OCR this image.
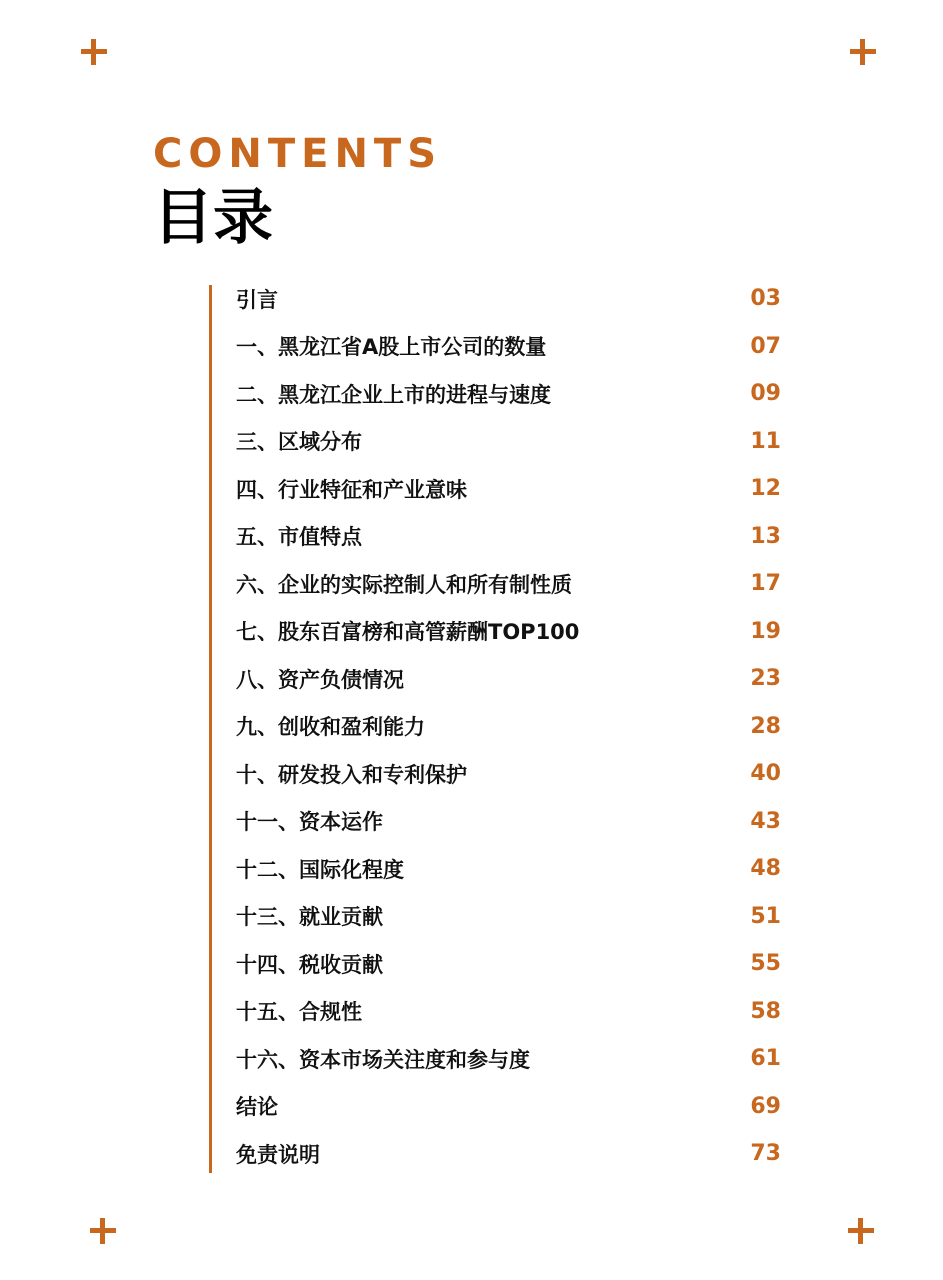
CONTENTS
目录
引言	03
一、黑龙江省A股上市公司的数量	07
二、黑龙江企业上市的进程与速度	09
三、区域分布	11
四、行业特征和产业意味	12
五、市值特点	13
六、企业的实际控制人和所有制性质	17
七、股东百富榜和高管薪酬TOP100	19
八、资产负债情况	23
九、创收和盈利能力	28
十、研发投入和专利保护	40
十一、资本运作	43
十二、国际化程度	48
十三、就业贡献	51
十四、税收贡献	55
十五、合规性	58
十六、资本市场关注度和参与度	61
结论	69
免责说明	73
